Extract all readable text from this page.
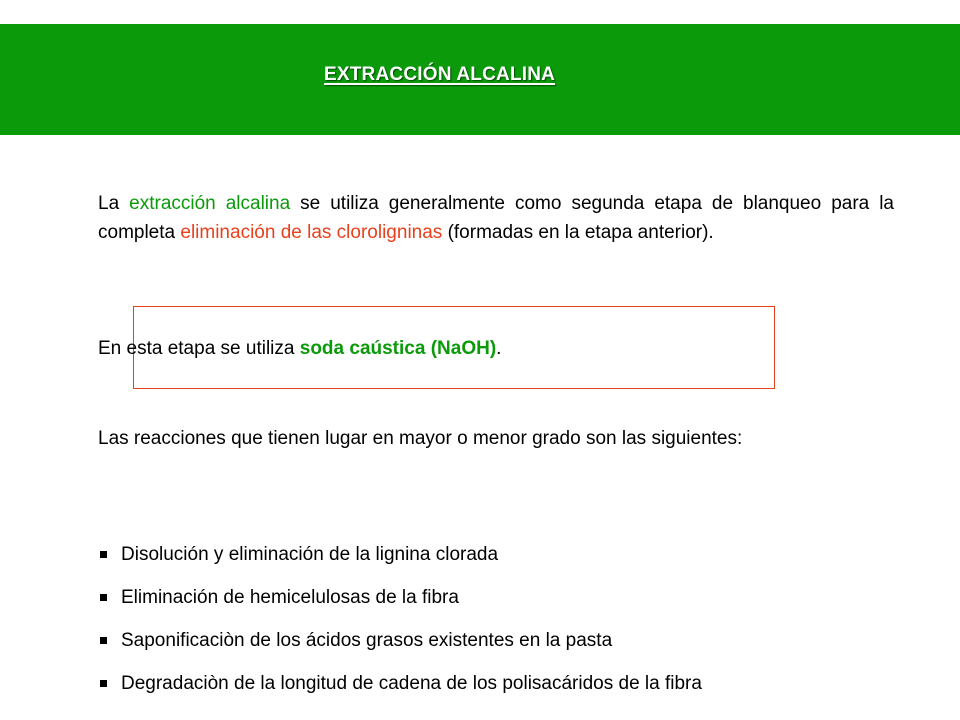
EXTRACCIÓN ALCALINA

La extracción alcalina se utiliza generalmente como segunda etapa de blanqueo para la completa eliminación de las cloroligninas (formadas en la etapa anterior).

En esta etapa se utiliza soda caústica (NaOH).

Las reacciones que tienen lugar en mayor o menor grado son las siguientes:

Disolución y eliminación de la lignina clorada
Eliminación de hemicelulosas de la fibra
Saponificaciòn de los ácidos grasos existentes en la pasta
Degradaciòn de la longitud de cadena de los polisacáridos de la fibra
